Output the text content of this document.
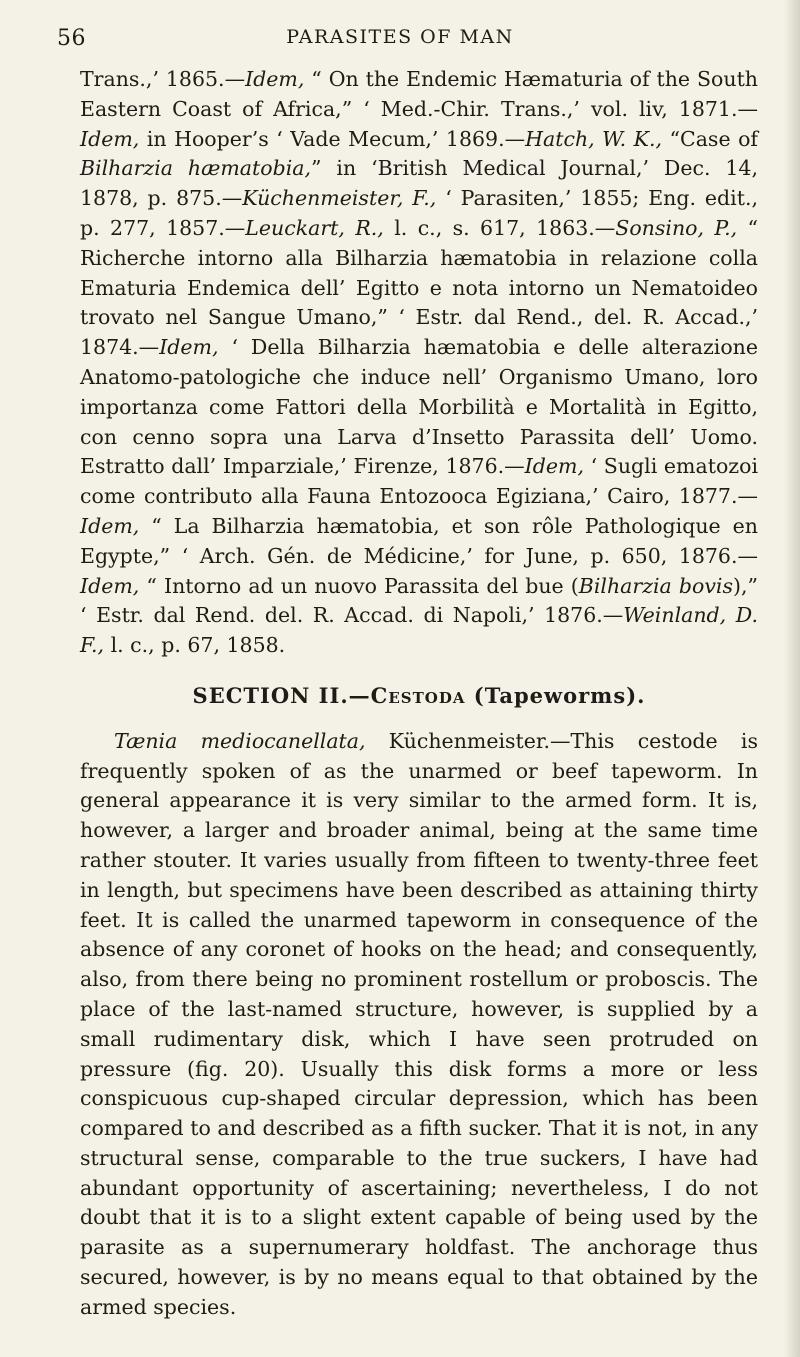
56	PARASITES OF MAN

Trans.,’ 1865.—Idem, “ On the Endemic Hæmaturia of the South Eastern Coast of Africa,” ‘ Med.-Chir. Trans.,’ vol. liv, 1871.—Idem, in Hooper’s ‘ Vade Mecum,’ 1869.—Hatch, W. K., “Case of Bilharzia hæmatobia,” in ‘British Medical Journal,’ Dec. 14, 1878, p. 875.—Küchenmeister, F., ‘ Parasiten,’ 1855; Eng. edit., p. 277, 1857.—Leuckart, R., l. c., s. 617, 1863.—Sonsino, P., “ Richerche intorno alla Bilharzia hæmatobia in relazione colla Ematuria Endemica dell’ Egitto e nota intorno un Nematoideo trovato nel Sangue Umano,” ‘ Estr. dal Rend., del. R. Accad.,’ 1874.—Idem, ‘ Della Bilharzia hæmatobia e delle alterazione Anatomo-patologiche che induce nell’ Organismo Umano, loro importanza come Fattori della Morbilità e Mortalità in Egitto, con cenno sopra una Larva d’Insetto Parassita dell’ Uomo. Estratto dall’ Imparziale,’ Firenze, 1876.—Idem, ‘ Sugli ematozoi come contributo alla Fauna Entozooca Egiziana,’ Cairo, 1877.—Idem, “ La Bilharzia hæmatobia, et son rôle Pathologique en Egypte,” ‘ Arch. Gén. de Médicine,’ for June, p. 650, 1876.—Idem, “ Intorno ad un nuovo Parassita del bue (Bilharzia bovis),” ‘ Estr. dal Rend. del. R. Accad. di Napoli,’ 1876.—Weinland, D. F., l. c., p. 67, 1858.

SECTION II.—Cestoda (Tapeworms).

Tænia mediocanellata, Küchenmeister.—This cestode is frequently spoken of as the unarmed or beef tapeworm. In general appearance it is very similar to the armed form. It is, however, a larger and broader animal, being at the same time rather stouter. It varies usually from fifteen to twenty-three feet in length, but specimens have been described as attaining thirty feet. It is called the unarmed tapeworm in consequence of the absence of any coronet of hooks on the head; and consequently, also, from there being no prominent rostellum or proboscis. The place of the last-named structure, however, is supplied by a small rudimentary disk, which I have seen protruded on pressure (fig. 20). Usually this disk forms a more or less conspicuous cup-shaped circular depression, which has been compared to and described as a fifth sucker. That it is not, in any structural sense, comparable to the true suckers, I have had abundant opportunity of ascertaining; nevertheless, I do not doubt that it is to a slight extent capable of being used by the parasite as a supernumerary holdfast. The anchorage thus secured, however, is by no means equal to that obtained by the armed species.
